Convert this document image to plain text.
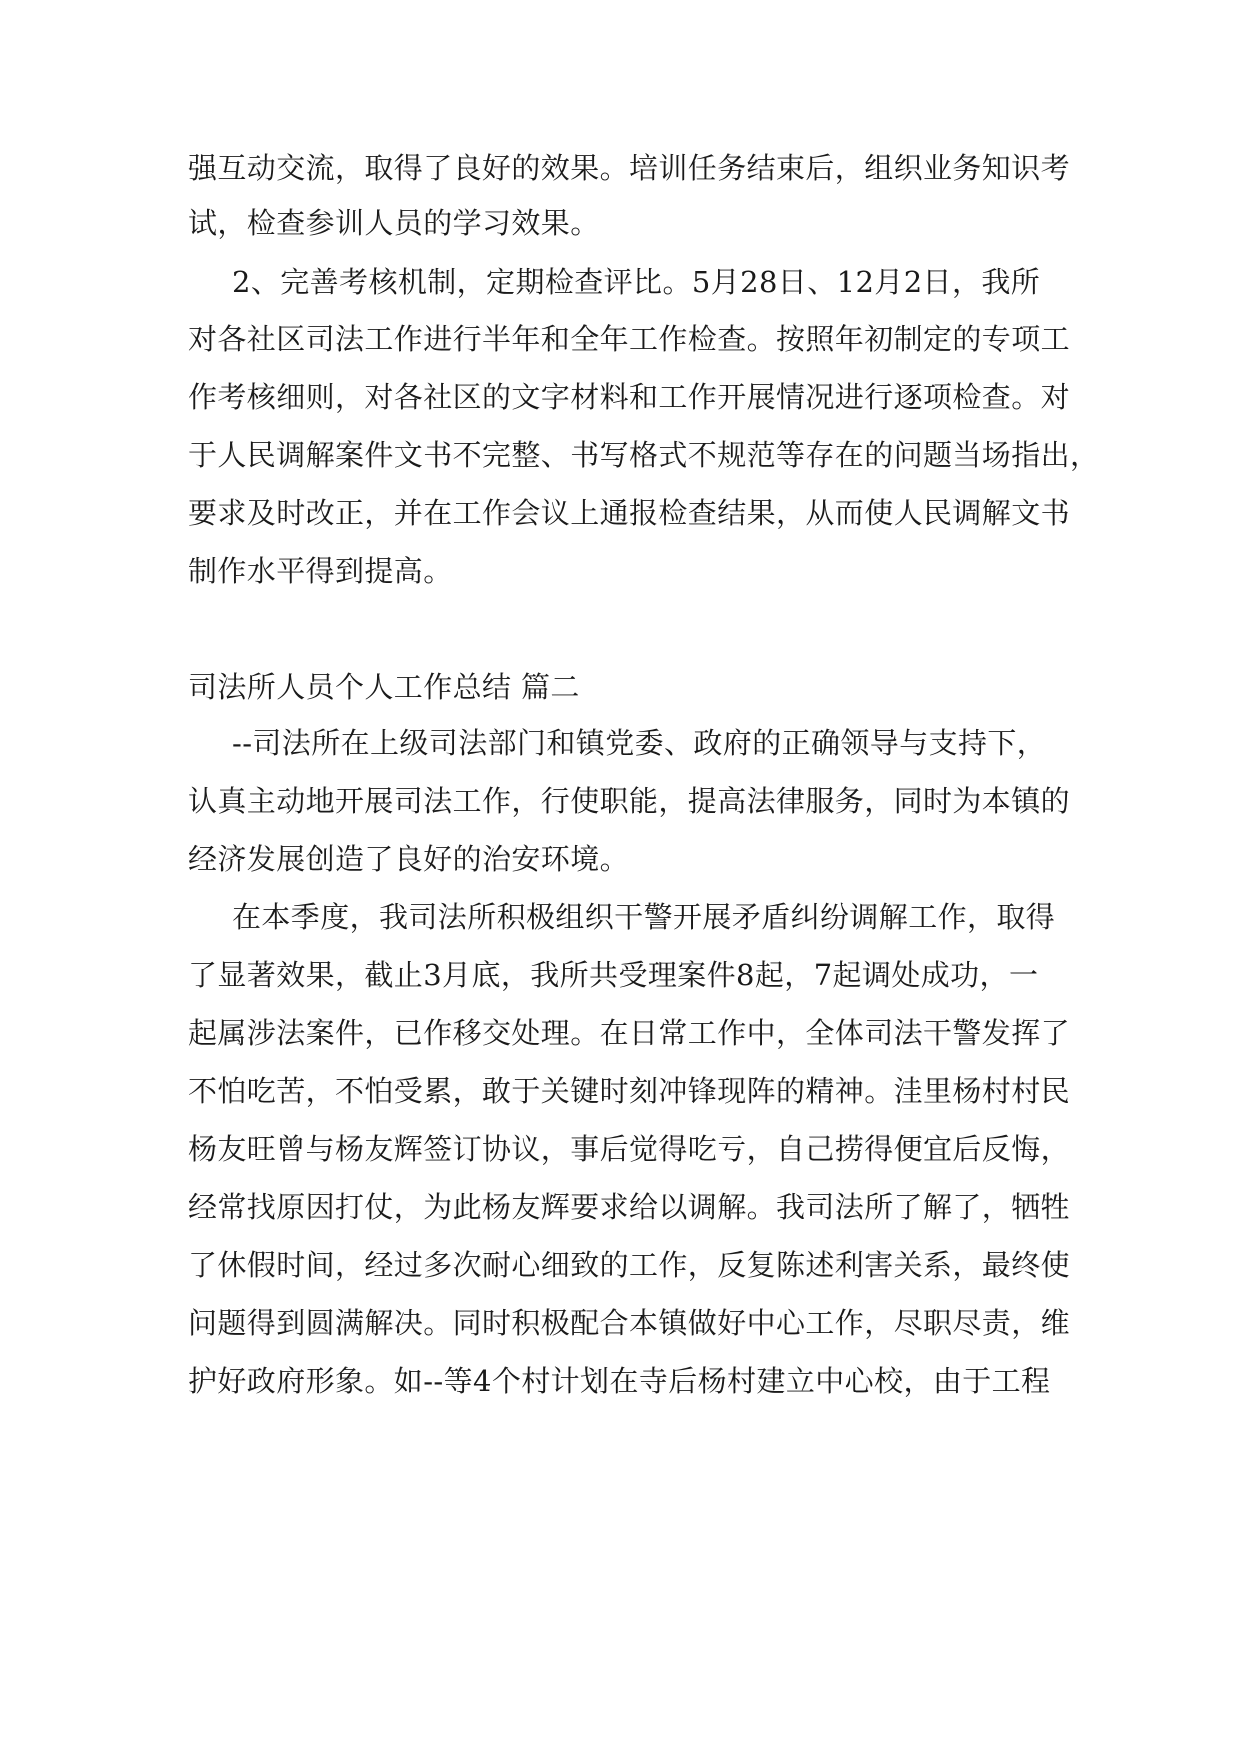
强互动交流，取得了良好的效果。培训任务结束后，组织业务知识考
试，检查参训人员的学习效果。
2、完善考核机制，定期检查评比。5月28日、12月2日，我所
对各社区司法工作进行半年和全年工作检查。按照年初制定的专项工
作考核细则，对各社区的文字材料和工作开展情况进行逐项检查。对
于人民调解案件文书不完整、书写格式不规范等存在的问题当场指出，
要求及时改正，并在工作会议上通报检查结果，从而使人民调解文书
制作水平得到提高。
司法所人员个人工作总结 篇二
--司法所在上级司法部门和镇党委、政府的正确领导与支持下，
认真主动地开展司法工作，行使职能，提高法律服务，同时为本镇的
经济发展创造了良好的治安环境。
在本季度，我司法所积极组织干警开展矛盾纠纷调解工作，取得
了显著效果，截止3月底，我所共受理案件8起，7起调处成功，一
起属涉法案件，已作移交处理。在日常工作中，全体司法干警发挥了
不怕吃苦，不怕受累，敢于关键时刻冲锋现阵的精神。洼里杨村村民
杨友旺曾与杨友辉签订协议，事后觉得吃亏，自己捞得便宜后反悔，
经常找原因打仗，为此杨友辉要求给以调解。我司法所了解了，牺牲
了休假时间，经过多次耐心细致的工作，反复陈述利害关系，最终使
问题得到圆满解决。同时积极配合本镇做好中心工作，尽职尽责，维
护好政府形象。如--等4个村计划在寺后杨村建立中心校，由于工程
